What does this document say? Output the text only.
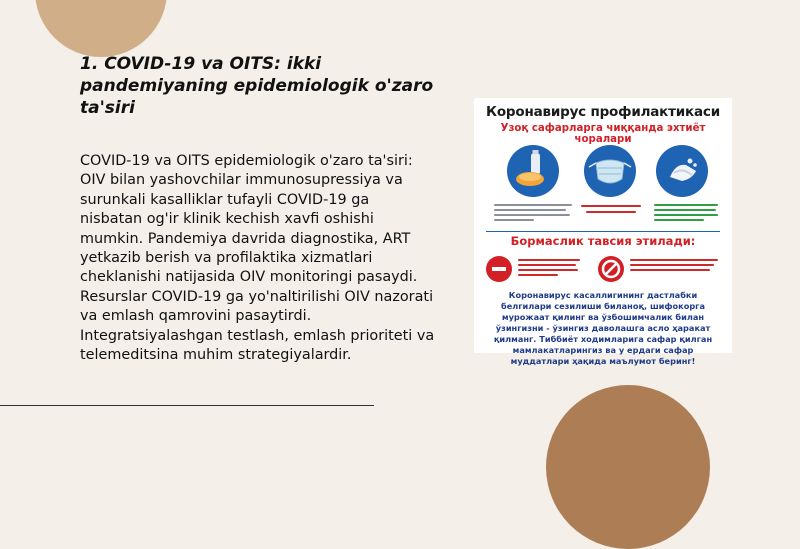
1. COVID-19 va OITS: ikki pandemiyaning epidemiologik o'zaro ta'siri
COVID-19 va OITS epidemiologik o'zaro ta'siri: OIV bilan yashovchilar immunosupressiya va surunkali kasalliklar tufayli COVID-19 ga nisbatan og'ir klinik kechish xavfi oshishi mumkin. Pandemiya davrida diagnostika, ART yetkazib berish va profilaktika xizmatlari cheklanishi natijasida OIV monitoringi pasaydi. Resurslar COVID-19 ga yo'naltirilishi OIV nazorati va emlash qamrovini pasaytirdi. Integratsiyalashgan testlash, emlash prioriteti va telemeditsina muhim strategiyalardir.
Коронавирус профилактикаси
Узоқ сафарларга чиққанда эхтиёт чоралари
Бормаслик тавсия этилади:
Коронавирус касаллигининг дастлабки белгилари сезилиши биланоқ, шифокорга мурожаат қилинг ва ўзбошимчалик билан ўзингизни - ўзингиз даволашга асло ҳаракат қилманг. Тиббиёт ходимларига сафар қилган мамлакатларингиз ва у ердаги сафар муддатлари ҳақида маълумот беринг!
